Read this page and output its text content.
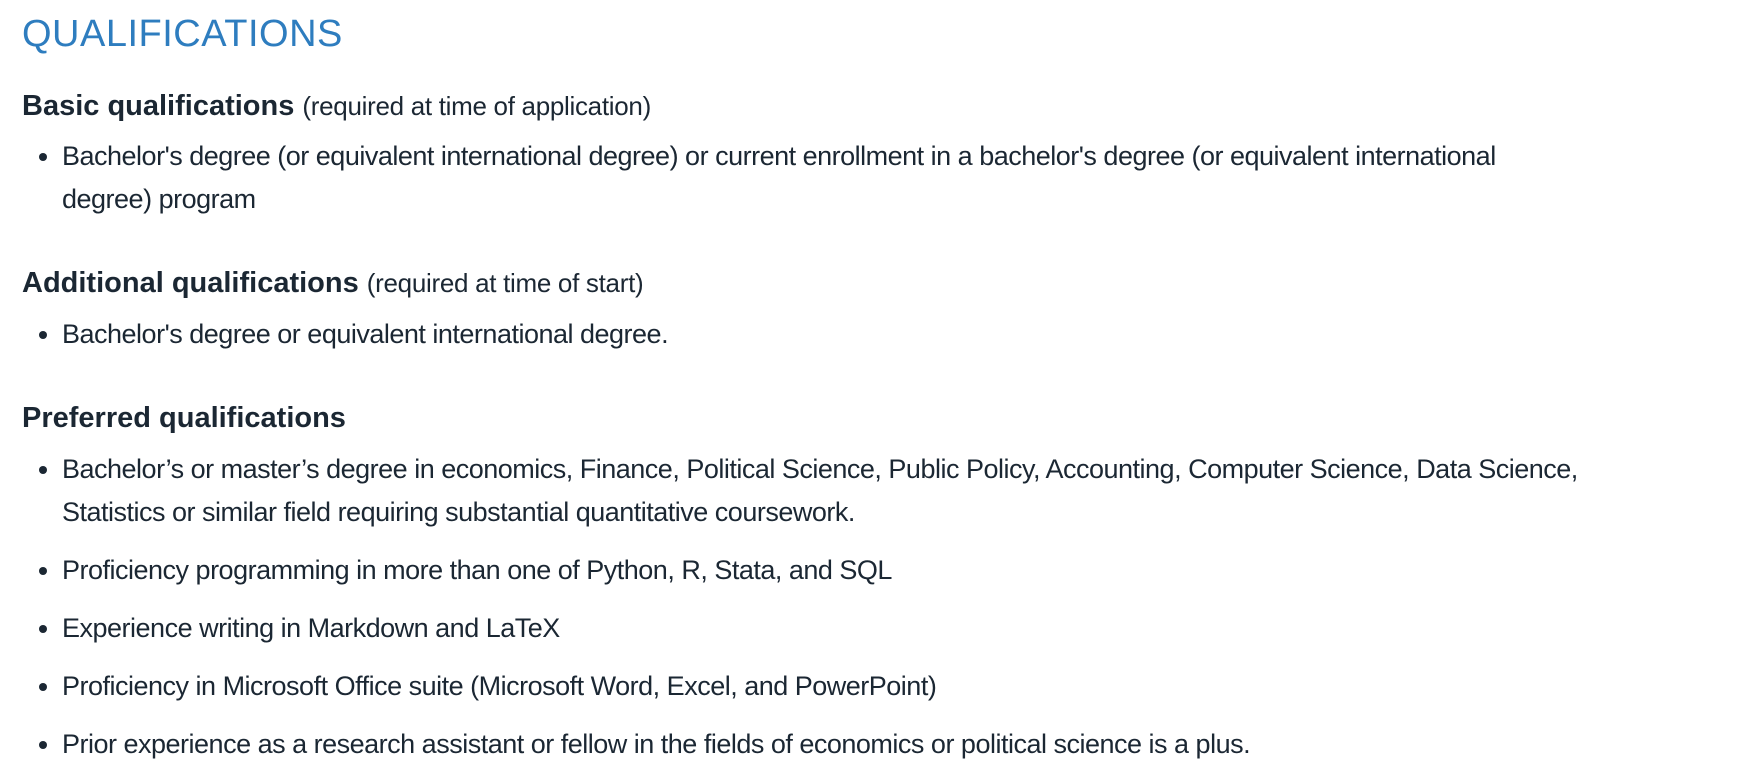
QUALIFICATIONS
Basic qualifications (required at time of application)
• Bachelor's degree (or equivalent international degree) or current enrollment in a bachelor's degree (or equivalent international degree) program
Additional qualifications (required at time of start)
• Bachelor's degree or equivalent international degree.
Preferred qualifications
• Bachelor’s or master’s degree in economics, Finance, Political Science, Public Policy, Accounting, Computer Science, Data Science, Statistics or similar field requiring substantial quantitative coursework.
• Proficiency programming in more than one of Python, R, Stata, and SQL
• Experience writing in Markdown and LaTeX
• Proficiency in Microsoft Office suite (Microsoft Word, Excel, and PowerPoint)
• Prior experience as a research assistant or fellow in the fields of economics or political science is a plus.
